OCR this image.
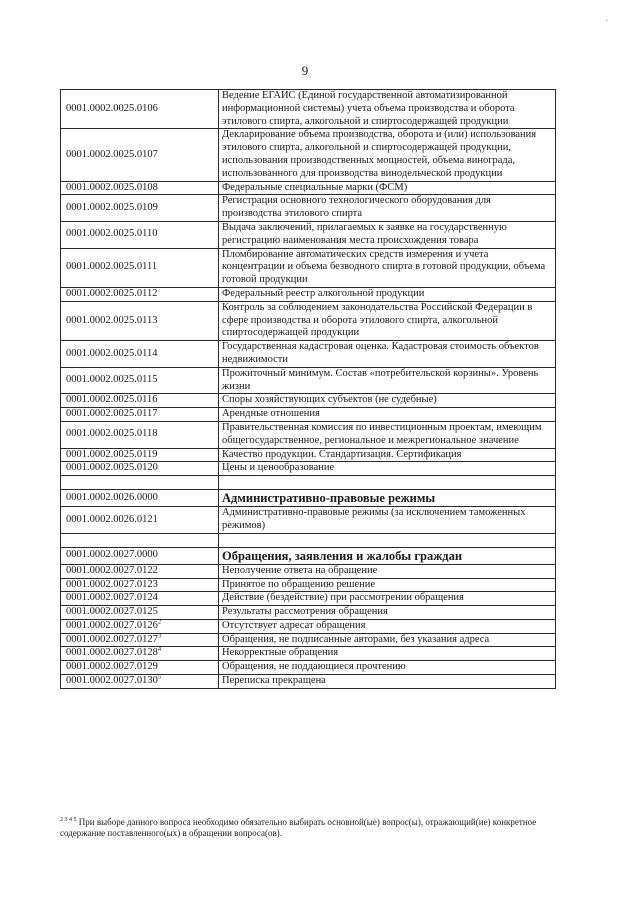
′
9
0001.0002.0025.0106	Ведение ЕГАИС (Единой государственной автоматизированной информационной системы) учета объема производства и оборота этилового спирта, алкогольной и спиртосодержащей продукции
0001.0002.0025.0107	Декларирование объема производства, оборота и (или) использования этилового спирта, алкогольной и спиртосодержащей продукции, использования производственных мощностей, объема винограда, использованного для производства винодельческой продукции
0001.0002.0025.0108	Федеральные специальные марки (ФСМ)
0001.0002.0025.0109	Регистрация основного технологического оборудования для производства этилового спирта
0001.0002.0025.0110	Выдача заключений, прилагаемых к заявке на государственную регистрацию наименования места происхождения товара
0001.0002.0025.0111	Пломбирование автоматических средств измерения и учета концентрации и объема безводного спирта в готовой продукции, объема готовой продукции
0001.0002.0025.0112	Федеральный реестр алкогольной продукции
0001.0002.0025.0113	Контроль за соблюдением законодательства Российской Федерации в сфере производства и оборота этилового спирта, алкогольной спиртосодержащей продукции
0001.0002.0025.0114	Государственная кадастровая оценка. Кадастровая стоимость объектов недвижимости
0001.0002.0025.0115	Прожиточный минимум. Состав «потребительской корзины». Уровень жизни
0001.0002.0025.0116	Споры хозяйствующих субъектов (не судебные)
0001.0002.0025.0117	Арендные отношения
0001.0002.0025.0118	Правительственная комиссия по инвестиционным проектам, имеющим общегосударственное, региональное и межрегиональное значение
0001.0002.0025.0119	Качество продукции. Стандартизация. Сертификация
0001.0002.0025.0120	Цены и ценообразование

0001.0002.0026.0000	Административно-правовые режимы
0001.0002.0026.0121	Административно-правовые режимы (за исключением таможенных режимов)

0001.0002.0027.0000	Обращения, заявления и жалобы граждан
0001.0002.0027.0122	Неполучение ответа на обращение
0001.0002.0027.0123	Принятое по обращению решение
0001.0002.0027.0124	Действие (бездействие) при рассмотрении обращения
0001.0002.0027.0125	Результаты рассмотрения обращения
0001.0002.0027.0126$^2$	Отсутствует адресат обращения
0001.0002.0027.0127$^3$	Обращения, не подписанные авторами, без указания адреса
0001.0002.0027.0128$^4$	Некорректные обращения
0001.0002.0027.0129	Обращения, не поддающиеся прочтению
0001.0002.0027.0130$^5$	Переписка прекращена
$^{2 3 4 5}$ При выборе данного вопроса необходимо обязательно выбирать основной(ые) вопрос(ы), отражающий(ие) конкретное содержание поставленного(ых) в обращении вопроса(ов).
